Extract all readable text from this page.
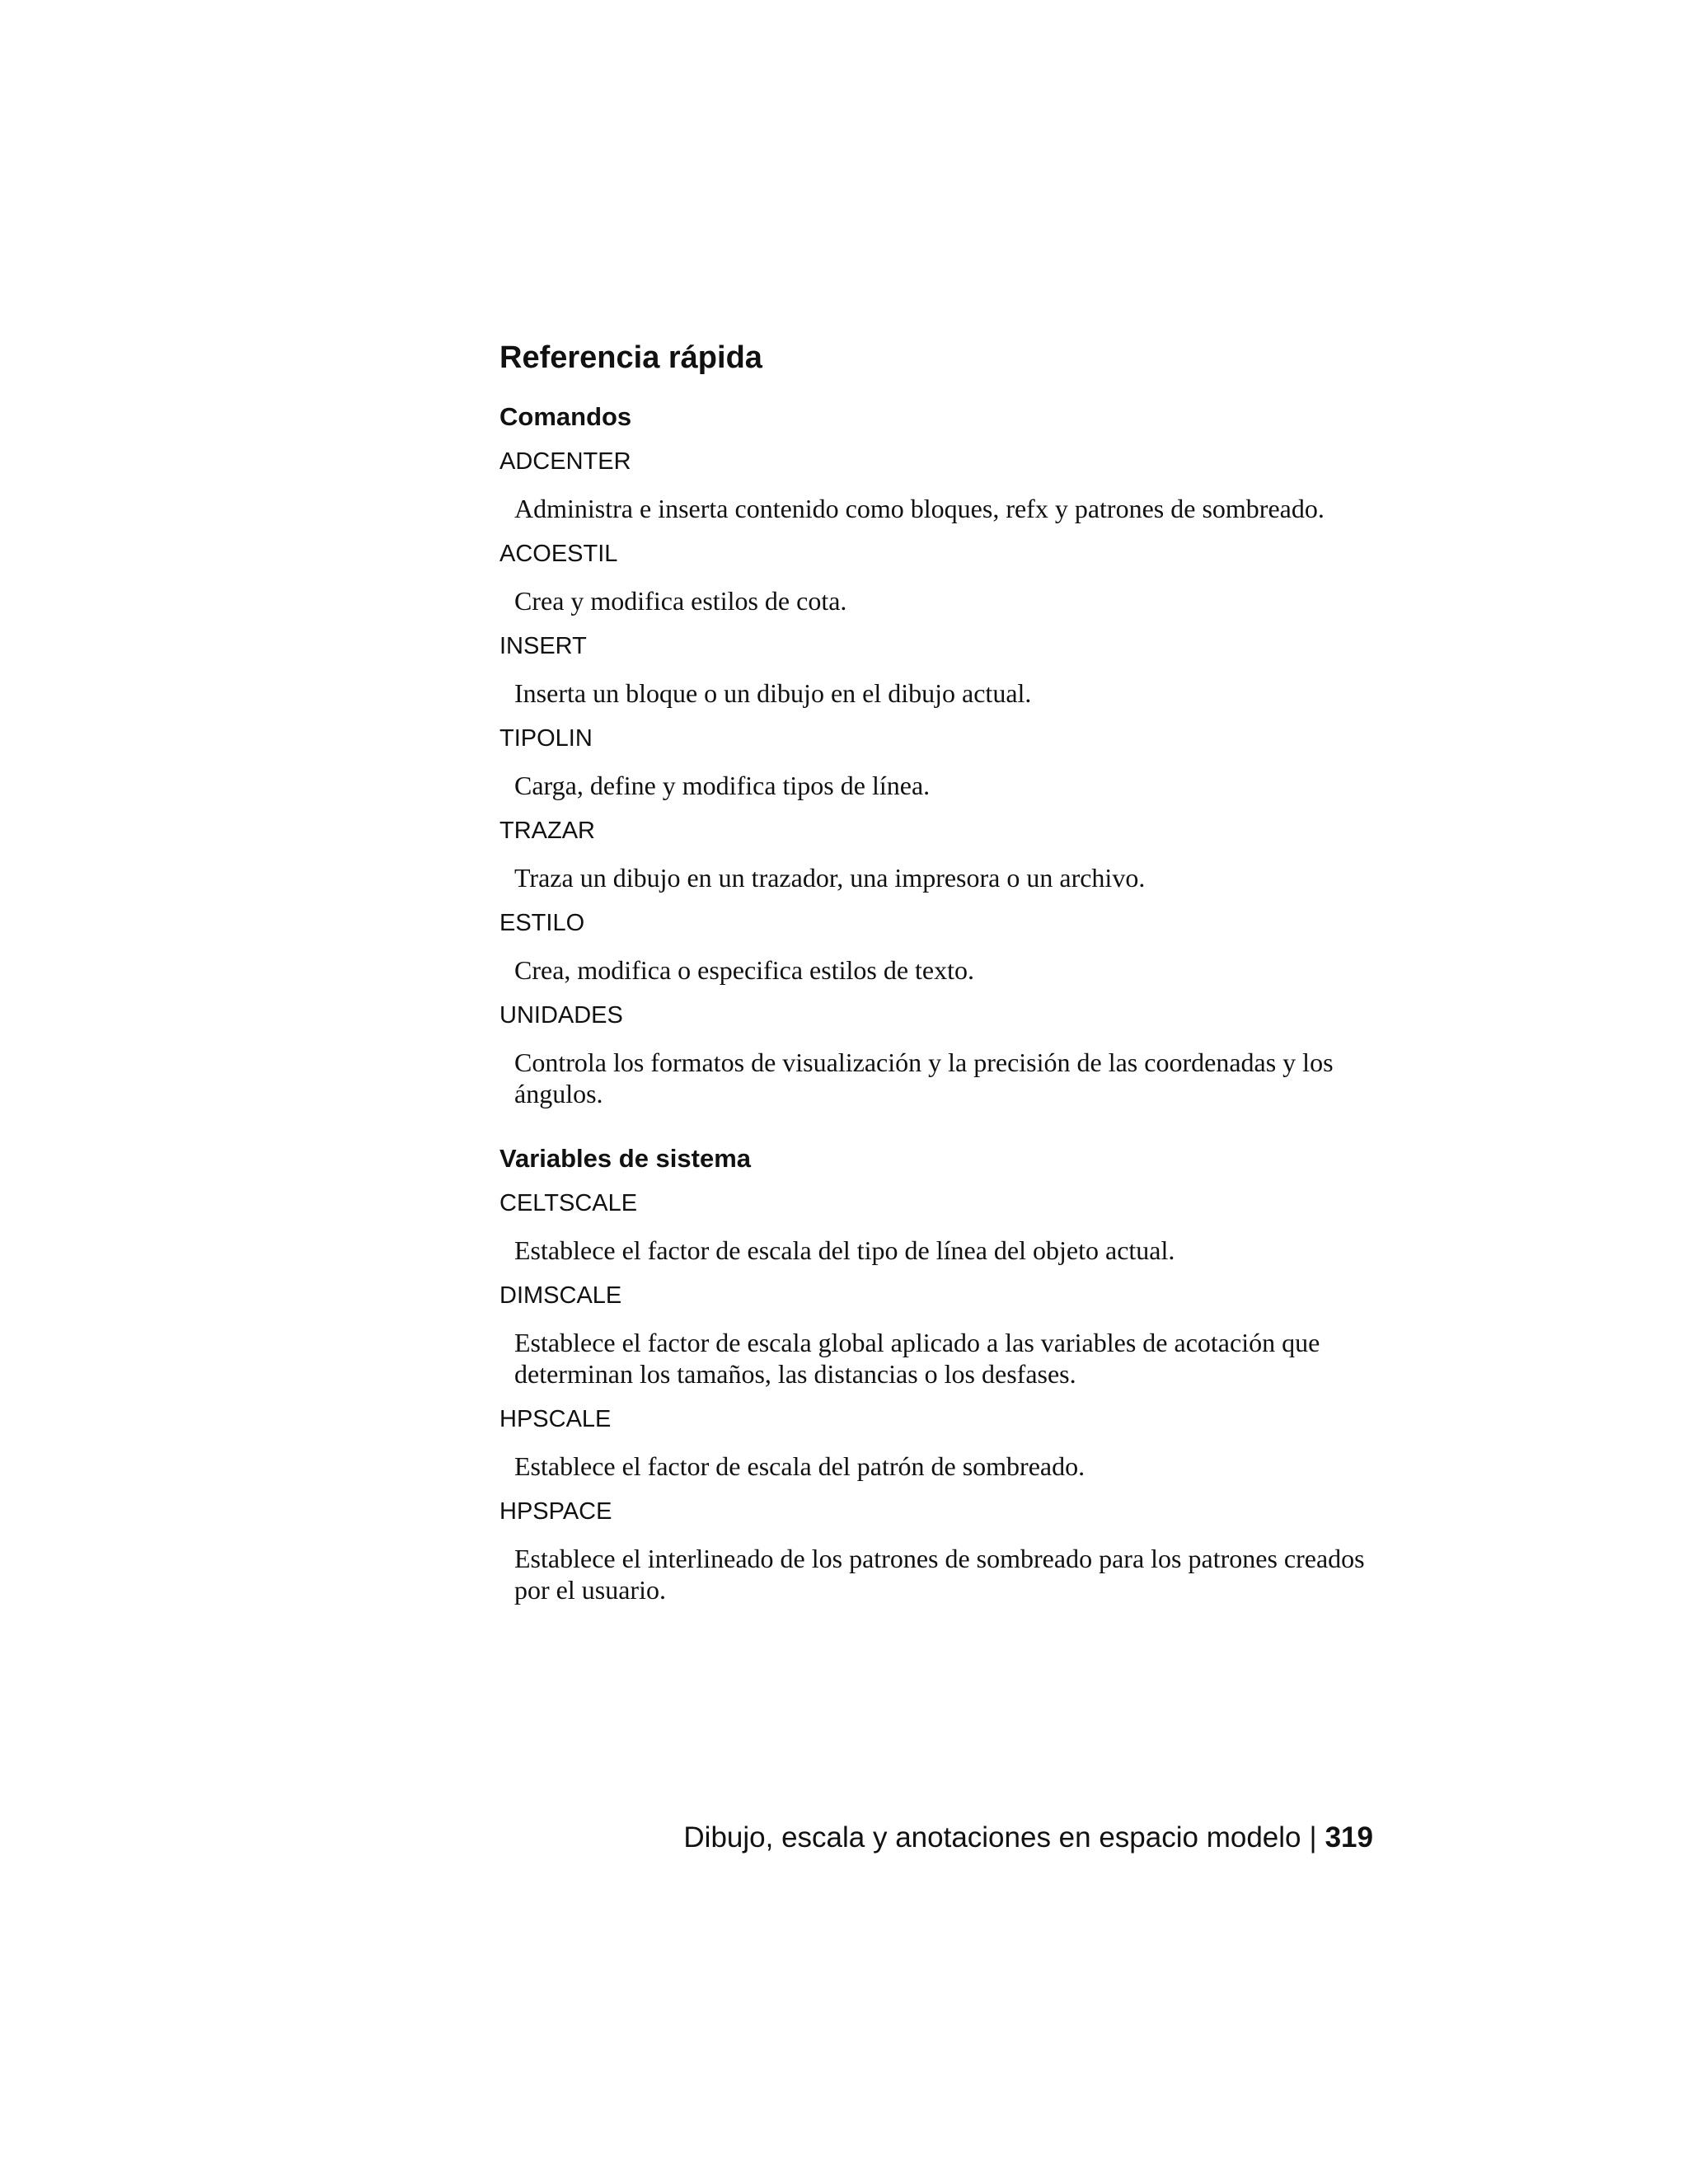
Referencia rápida
Comandos
ADCENTER
Administra e inserta contenido como bloques, refx y patrones de sombreado.
ACOESTIL
Crea y modifica estilos de cota.
INSERT
Inserta un bloque o un dibujo en el dibujo actual.
TIPOLIN
Carga, define y modifica tipos de línea.
TRAZAR
Traza un dibujo en un trazador, una impresora o un archivo.
ESTILO
Crea, modifica o especifica estilos de texto.
UNIDADES
Controla los formatos de visualización y la precisión de las coordenadas y los ángulos.
Variables de sistema
CELTSCALE
Establece el factor de escala del tipo de línea del objeto actual.
DIMSCALE
Establece el factor de escala global aplicado a las variables de acotación que determinan los tamaños, las distancias o los desfases.
HPSCALE
Establece el factor de escala del patrón de sombreado.
HPSPACE
Establece el interlineado de los patrones de sombreado para los patrones creados por el usuario.
Dibujo, escala y anotaciones en espacio modelo | 319
